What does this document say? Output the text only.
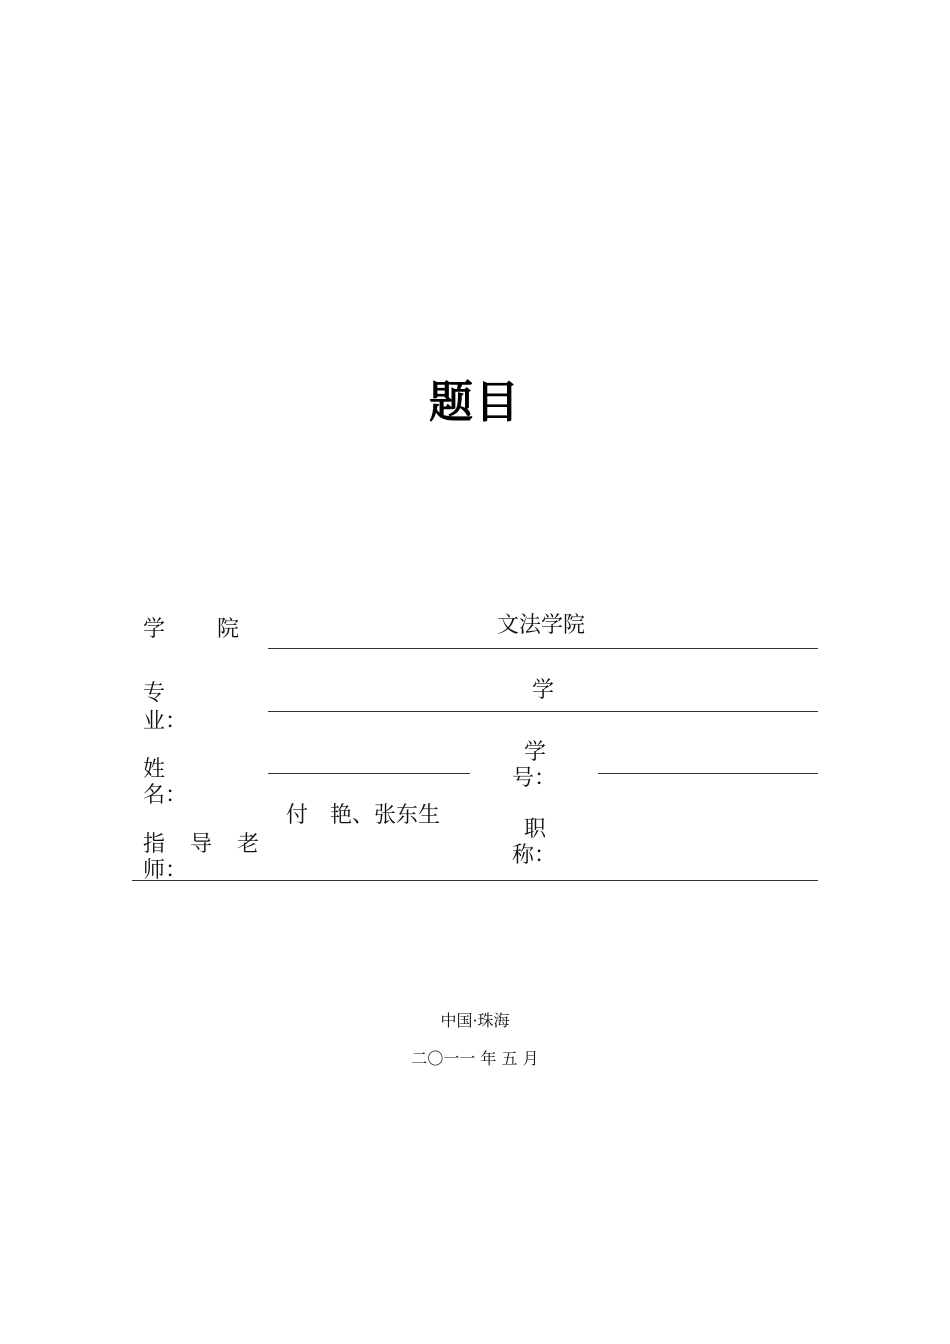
题目
学 院	文法学院
专
业：
学
姓
名：
学
号：
付　艳、张东生
指 导 老
师：
职
称：
中国·珠海
二〇一一 年 五 月
